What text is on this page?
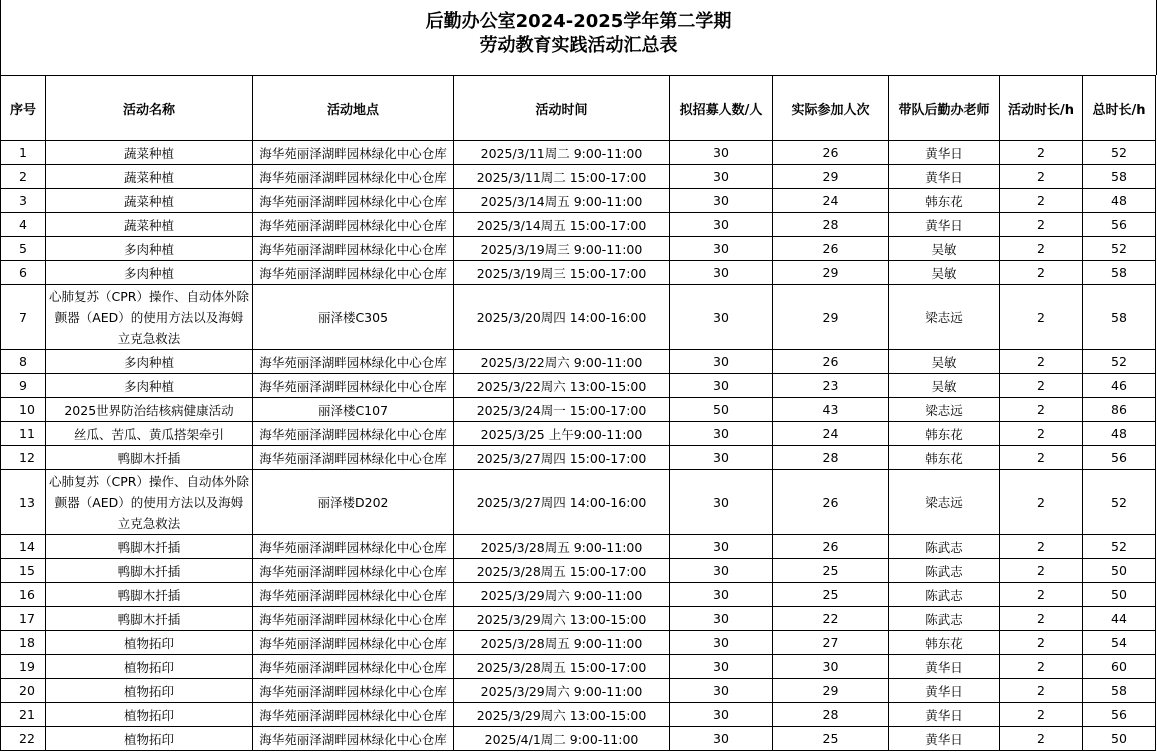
后勤办公室2024-2025学年第二学期
劳动教育实践活动汇总表
序号	活动名称	活动地点	活动时间	拟招募人数/人	实际参加人次	带队后勤办老师	活动时长/h	总时长/h
1	蔬菜种植	海华苑丽泽湖畔园林绿化中心仓库	2025/3/11周二 9:00-11:00	30	26	黄华日	2	52
2	蔬菜种植	海华苑丽泽湖畔园林绿化中心仓库	2025/3/11周二 15:00-17:00	30	29	黄华日	2	58
3	蔬菜种植	海华苑丽泽湖畔园林绿化中心仓库	2025/3/14周五 9:00-11:00	30	24	韩东花	2	48
4	蔬菜种植	海华苑丽泽湖畔园林绿化中心仓库	2025/3/14周五 15:00-17:00	30	28	黄华日	2	56
5	多肉种植	海华苑丽泽湖畔园林绿化中心仓库	2025/3/19周三 9:00-11:00	30	26	吴敏	2	52
6	多肉种植	海华苑丽泽湖畔园林绿化中心仓库	2025/3/19周三 15:00-17:00	30	29	吴敏	2	58
7	心肺复苏（CPR）操作、自动体外除颤器（AED）的使用方法以及海姆立克急救法	丽泽楼C305	2025/3/20周四 14:00-16:00	30	29	梁志远	2	58
8	多肉种植	海华苑丽泽湖畔园林绿化中心仓库	2025/3/22周六 9:00-11:00	30	26	吴敏	2	52
9	多肉种植	海华苑丽泽湖畔园林绿化中心仓库	2025/3/22周六 13:00-15:00	30	23	吴敏	2	46
10	2025世界防治结核病健康活动	丽泽楼C107	2025/3/24周一 15:00-17:00	50	43	梁志远	2	86
11	丝瓜、苦瓜、黄瓜搭架牵引	海华苑丽泽湖畔园林绿化中心仓库	2025/3/25 上午9:00-11:00	30	24	韩东花	2	48
12	鸭脚木扦插	海华苑丽泽湖畔园林绿化中心仓库	2025/3/27周四 15:00-17:00	30	28	韩东花	2	56
13	心肺复苏（CPR）操作、自动体外除颤器（AED）的使用方法以及海姆立克急救法	丽泽楼D202	2025/3/27周四 14:00-16:00	30	26	梁志远	2	52
14	鸭脚木扦插	海华苑丽泽湖畔园林绿化中心仓库	2025/3/28周五 9:00-11:00	30	26	陈武志	2	52
15	鸭脚木扦插	海华苑丽泽湖畔园林绿化中心仓库	2025/3/28周五 15:00-17:00	30	25	陈武志	2	50
16	鸭脚木扦插	海华苑丽泽湖畔园林绿化中心仓库	2025/3/29周六 9:00-11:00	30	25	陈武志	2	50
17	鸭脚木扦插	海华苑丽泽湖畔园林绿化中心仓库	2025/3/29周六 13:00-15:00	30	22	陈武志	2	44
18	植物拓印	海华苑丽泽湖畔园林绿化中心仓库	2025/3/28周五 9:00-11:00	30	27	韩东花	2	54
19	植物拓印	海华苑丽泽湖畔园林绿化中心仓库	2025/3/28周五 15:00-17:00	30	30	黄华日	2	60
20	植物拓印	海华苑丽泽湖畔园林绿化中心仓库	2025/3/29周六 9:00-11:00	30	29	黄华日	2	58
21	植物拓印	海华苑丽泽湖畔园林绿化中心仓库	2025/3/29周六 13:00-15:00	30	28	黄华日	2	56
22	植物拓印	海华苑丽泽湖畔园林绿化中心仓库	2025/4/1周二 9:00-11:00	30	25	黄华日	2	50
